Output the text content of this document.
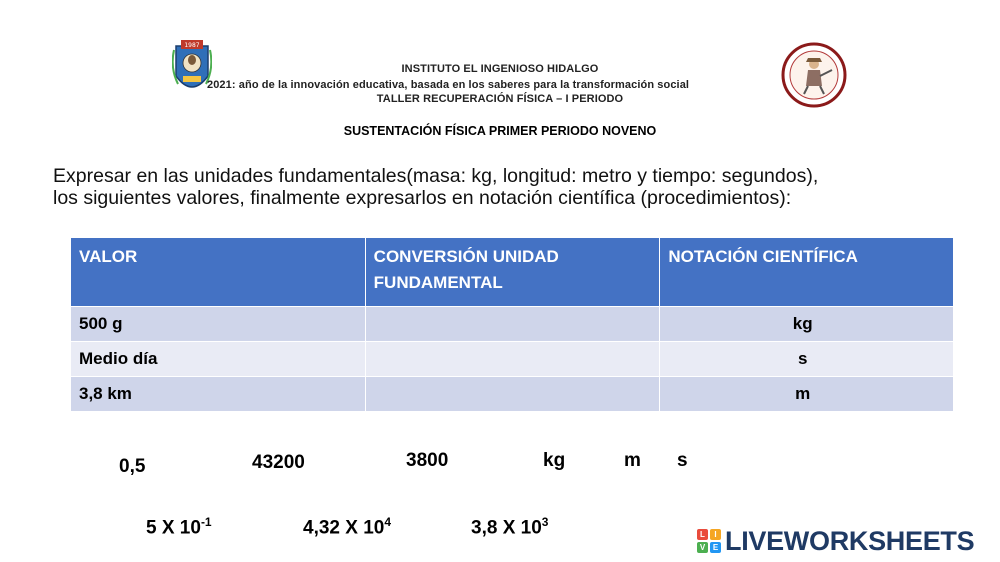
1987
INSTITUTO EL INGENIOSO HIDALGO
2021: año de la innovación educativa, basada en los saberes para la transformación social
TALLER RECUPERACIÓN FÍSICA – I PERIODO
SUSTENTACIÓN FÍSICA PRIMER PERIODO NOVENO
Expresar en las unidades fundamentales(masa: kg, longitud: metro y tiempo: segundos),
los siguientes valores, finalmente expresarlos en notación científica (procedimientos):
VALOR	CONVERSIÓN UNIDAD FUNDAMENTAL	NOTACIÓN CIENTÍFICA
500 g		kg
Medio día		s
3,8 km		m
0,5	43200	3800	kg	m s
5 X $10^{-1}$	4,32 X $10^4$	3,8 X $10^3$
L	I
V E LIVEWORKSHEETS
